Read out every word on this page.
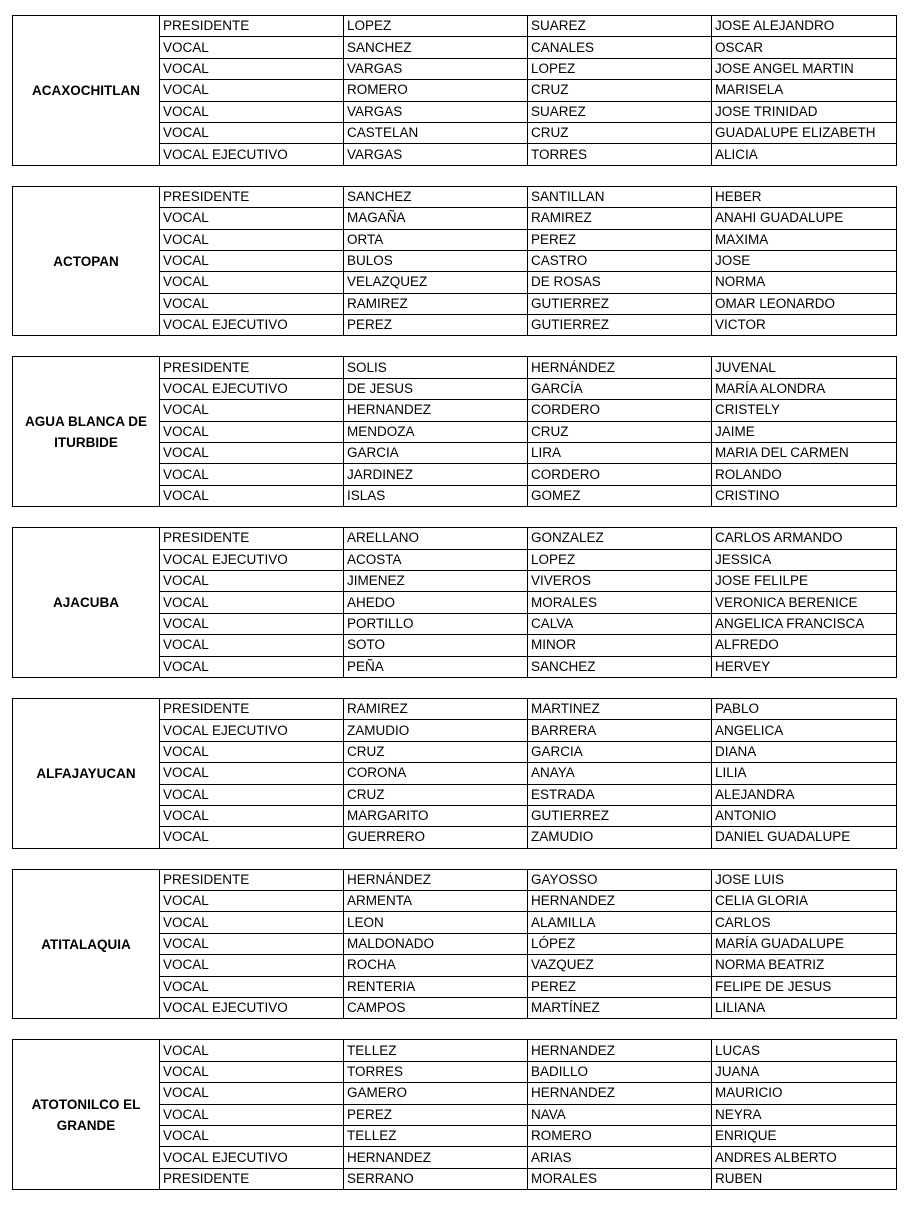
ACAXOCHITLAN	PRESIDENTE	LOPEZ	SUAREZ	JOSE ALEJANDRO
	VOCAL	SANCHEZ	CANALES	OSCAR
	VOCAL	VARGAS	LOPEZ	JOSE ANGEL MARTIN
	VOCAL	ROMERO	CRUZ	MARISELA
	VOCAL	VARGAS	SUAREZ	JOSE TRINIDAD
	VOCAL	CASTELAN	CRUZ	GUADALUPE ELIZABETH
	VOCAL EJECUTIVO	VARGAS	TORRES	ALICIA
ACTOPAN	PRESIDENTE	SANCHEZ	SANTILLAN	HEBER
	VOCAL	MAGAÑA	RAMIREZ	ANAHI GUADALUPE
	VOCAL	ORTA	PEREZ	MAXIMA
	VOCAL	BULOS	CASTRO	JOSE
	VOCAL	VELAZQUEZ	DE ROSAS	NORMA
	VOCAL	RAMIREZ	GUTIERREZ	OMAR LEONARDO
	VOCAL EJECUTIVO	PEREZ	GUTIERREZ	VICTOR
AGUA BLANCA DE ITURBIDE	PRESIDENTE	SOLIS	HERNÁNDEZ	JUVENAL
	VOCAL EJECUTIVO	DE JESUS	GARCÍA	MARÍA ALONDRA
	VOCAL	HERNANDEZ	CORDERO	CRISTELY
	VOCAL	MENDOZA	CRUZ	JAIME
	VOCAL	GARCIA	LIRA	MARIA DEL CARMEN
	VOCAL	JARDINEZ	CORDERO	ROLANDO
	VOCAL	ISLAS	GOMEZ	CRISTINO
AJACUBA	PRESIDENTE	ARELLANO	GONZALEZ	CARLOS ARMANDO
	VOCAL EJECUTIVO	ACOSTA	LOPEZ	JESSICA
	VOCAL	JIMENEZ	VIVEROS	JOSE FELILPE
	VOCAL	AHEDO	MORALES	VERONICA BERENICE
	VOCAL	PORTILLO	CALVA	ANGELICA FRANCISCA
	VOCAL	SOTO	MINOR	ALFREDO
	VOCAL	PEÑA	SANCHEZ	HERVEY
ALFAJAYUCAN	PRESIDENTE	RAMIREZ	MARTINEZ	PABLO
	VOCAL EJECUTIVO	ZAMUDIO	BARRERA	ANGELICA
	VOCAL	CRUZ	GARCIA	DIANA
	VOCAL	CORONA	ANAYA	LILIA
	VOCAL	CRUZ	ESTRADA	ALEJANDRA
	VOCAL	MARGARITO	GUTIERREZ	ANTONIO
	VOCAL	GUERRERO	ZAMUDIO	DANIEL GUADALUPE
ATITALAQUIA	PRESIDENTE	HERNÁNDEZ	GAYOSSO	JOSE LUIS
	VOCAL	ARMENTA	HERNANDEZ	CELIA GLORIA
	VOCAL	LEON	ALAMILLA	CARLOS
	VOCAL	MALDONADO	LÓPEZ	MARÍA GUADALUPE
	VOCAL	ROCHA	VAZQUEZ	NORMA BEATRIZ
	VOCAL	RENTERIA	PEREZ	FELIPE DE JESUS
	VOCAL EJECUTIVO	CAMPOS	MARTÍNEZ	LILIANA
ATOTONILCO EL GRANDE	VOCAL	TELLEZ	HERNANDEZ	LUCAS
	VOCAL	TORRES	BADILLO	JUANA
	VOCAL	GAMERO	HERNANDEZ	MAURICIO
	VOCAL	PEREZ	NAVA	NEYRA
	VOCAL	TELLEZ	ROMERO	ENRIQUE
	VOCAL EJECUTIVO	HERNANDEZ	ARIAS	ANDRES ALBERTO
	PRESIDENTE	SERRANO	MORALES	RUBEN
